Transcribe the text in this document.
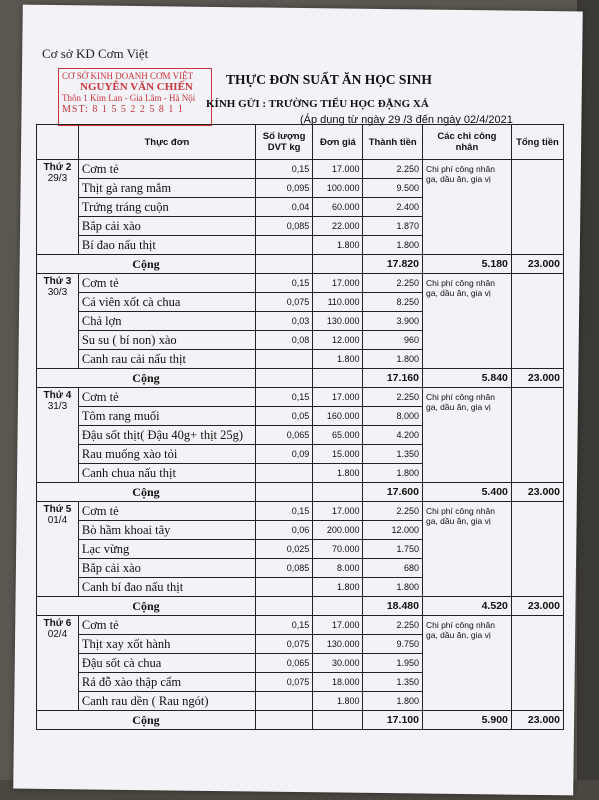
Cơ sở KD Cơm Việt
CƠ SỞ KINH DOANH CƠM VIỆT
NGUYỄN VĂN CHIẾN
Thôn 1 Kim Lan - Gia Lâm - Hà Nội
MST: 8 1 5 5 2 2 5 8 1 1
THỰC ĐƠN SUẤT ĂN HỌC SINH
KÍNH GỬI : TRƯỜNG TIỂU HỌC ĐẶNG XÁ
(Áp dụng từ ngày 29 /3 đến ngày 02/4/2021
	Thực đơn	Số lượng DVT kg	Đơn giá	Thành tiền	Các chi công nhân	Tổng tiền

Thứ 2
29/3	Cơm tẻ	0,15	17.000	2.250	Chi phí công nhân ga, dầu ăn, gia vị	
	Thịt gà rang mắm	0,095	100.000	9.500		
	Trứng tráng cuộn	0,04	60.000	2.400		
	Bắp cải xào	0,085	22.000	1.870		
	Bí đao nấu thịt		1.800	1.800		
Cộng				17.820	5.180	23.000

Thứ 3
30/3	Cơm tẻ	0,15	17.000	2.250	Chi phí công nhân ga, dầu ăn, gia vị	
	Cá viên xốt cà chua	0,075	110.000	8.250		
	Chả lợn	0,03	130.000	3.900		
	Su su ( bí non) xào	0,08	12.000	960		
	Canh rau cải nấu thịt		1.800	1.800		
Cộng				17.160	5.840	23.000

Thứ 4
31/3	Cơm tẻ	0,15	17.000	2.250	Chi phí công nhân ga, dầu ăn, gia vị	
	Tôm rang muối	0,05	160.000	8.000		
	Đậu sốt thịt( Đậu 40g+ thịt 25g)	0,065	65.000	4.200		
	Rau muống xào tỏi	0,09	15.000	1.350		
	Canh chua nấu thịt		1.800	1.800		
Cộng				17.600	5.400	23.000

Thứ 5
01/4	Cơm tẻ	0,15	17.000	2.250	Chi phí công nhân ga, dầu ăn, gia vị	
	Bò hầm khoai tây	0,06	200.000	12.000		
	Lạc vừng	0,025	70.000	1.750		
	Bắp cải xào	0,085	8.000	680		
	Canh bí đao nấu thịt		1.800	1.800		
Cộng				18.480	4.520	23.000

Thứ 6
02/4	Cơm tẻ	0,15	17.000	2.250	Chi phí công nhân ga, dầu ăn, gia vị	
	Thịt xay xốt hành	0,075	130.000	9.750		
	Đậu sốt cà chua	0,065	30.000	1.950		
	Rá đỗ xào thập cẩm	0,075	18.000	1.350		
	Canh rau dền ( Rau ngót)		1.800	1.800		
Cộng				17.100	5.900	23.000
